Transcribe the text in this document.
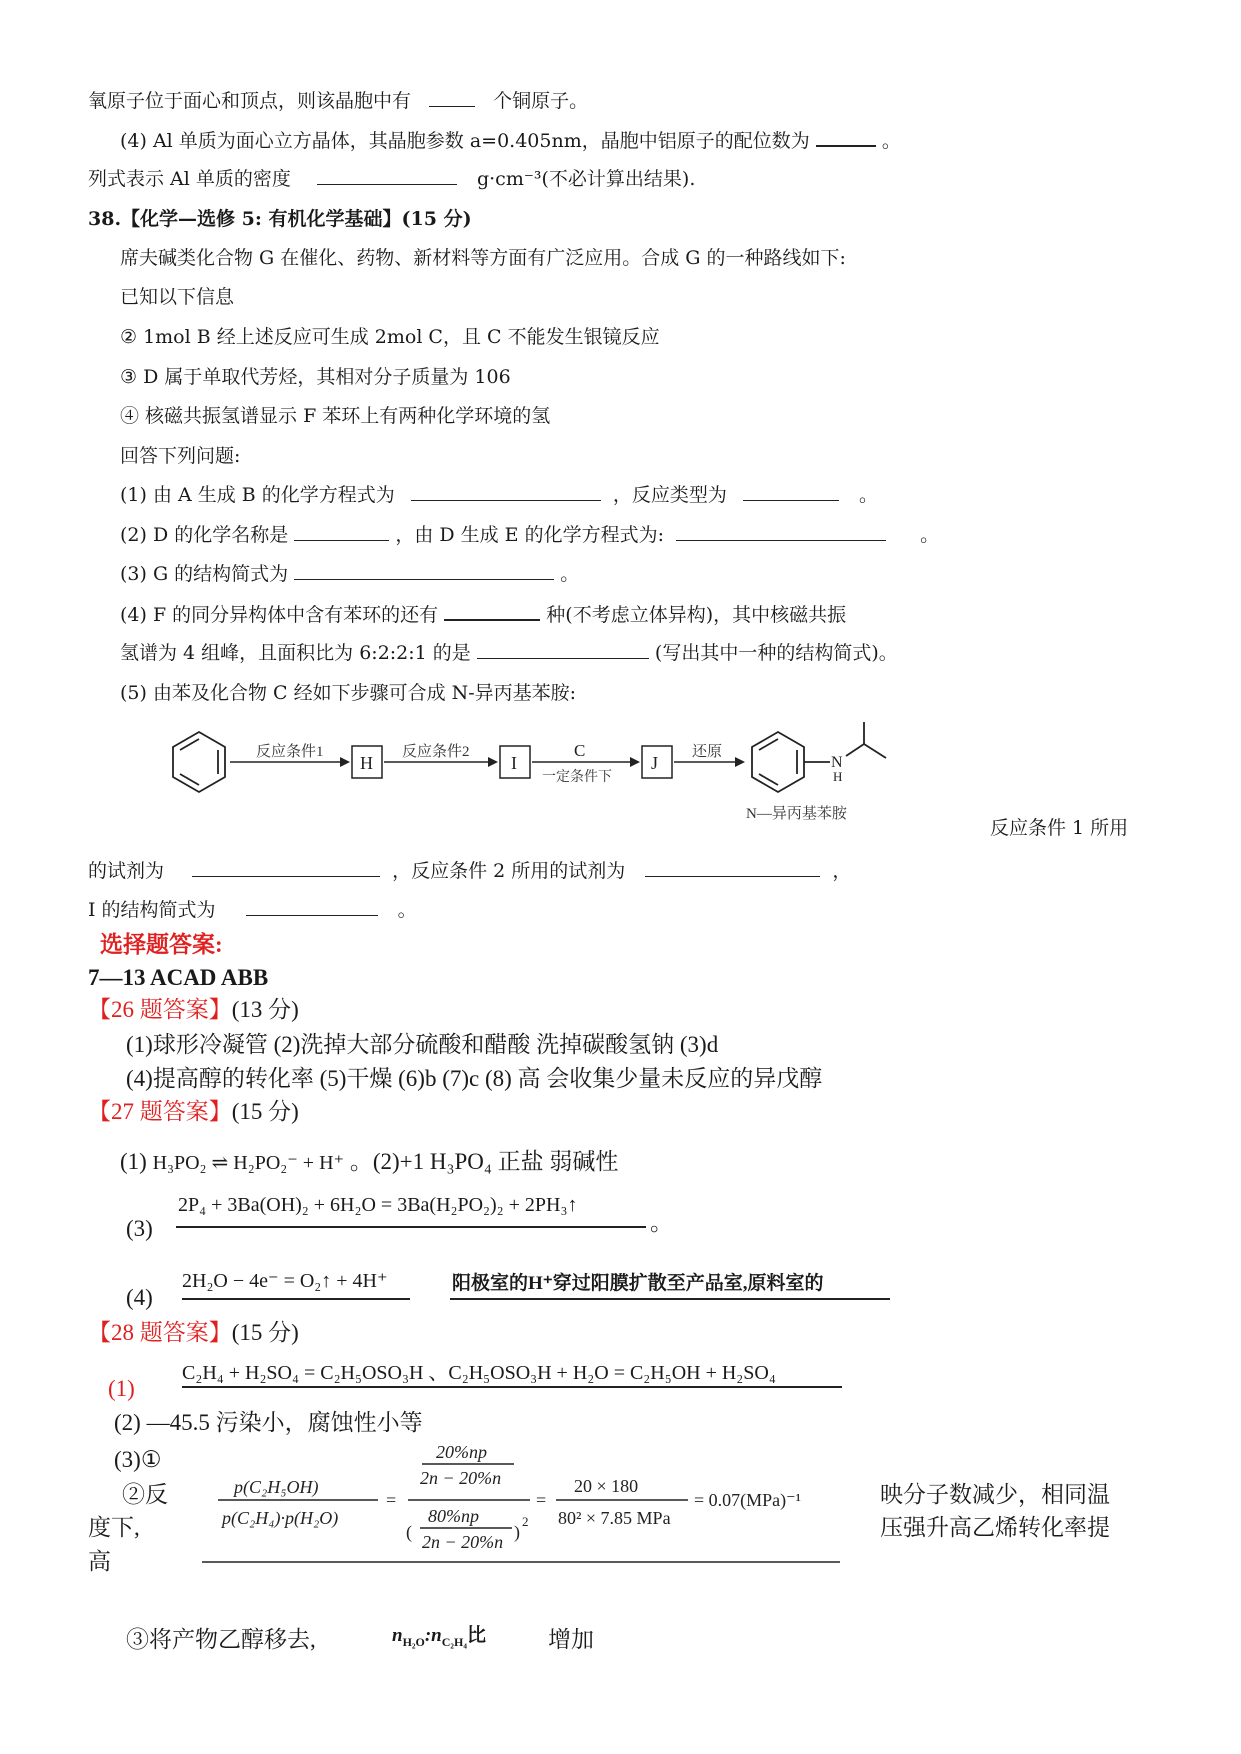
氧原子位于面心和顶点，则该晶胞中有	个铜原子。
(4) Al 单质为面心立方晶体，其晶胞参数 a=0.405nm，晶胞中铝原子的配位数为	。
列式表示 Al 单质的密度	g·cm⁻³(不必计算出结果).
38.【化学—选修 5: 有机化学基础】(15 分)
席夫碱类化合物 G 在催化、药物、新材料等方面有广泛应用。合成 G 的一种路线如下:
已知以下信息
② 1mol B 经上述反应可生成 2mol C，且 C 不能发生银镜反应
③ D 属于单取代芳烃，其相对分子质量为 106
④ 核磁共振氢谱显示 F 苯环上有两种化学环境的氢
回答下列问题:
(1) 由 A 生成 B 的化学方程式为	，反应类型为	。
(2) D 的化学名称是	，由 D 生成 E 的化学方程式为:	。
(3) G 的结构简式为	。
(4) F 的同分异构体中含有苯环的还有	种(不考虑立体异构)，其中核磁共振
氢谱为 4 组峰，且面积比为 6:2:2:1 的是	(写出其中一种的结构简式)。
(5) 由苯及化合物 C 经如下步骤可合成 N-异丙基苯胺:
反应条件1
H
反应条件2
I
C
一定条件下
J
还原
N
H
N—异丙基苯胺
反应条件 1 所用
的试剂为	，反应条件 2 所用的试剂为	，
I 的结构简式为	。
选择题答案:
7—13 ACAD ABB
【26 题答案】(13 分)
(1)球形冷凝管 (2)洗掉大部分硫酸和醋酸 洗掉碳酸氢钠 (3)d
(4)提高醇的转化率 (5)干燥 (6)b (7)c (8) 高 会收集少量未反应的异戊醇
【27 题答案】(15 分)
(1) H₃PO₂ ⇌ H₂PO₂⁻ + H⁺ 。(2)+1 H₃PO₄ 正盐 弱碱性
(3)
2P₄ + 3Ba(OH)₂ + 6H₂O = 3Ba(H₂PO₂)₂ + 2PH₃↑
。
(4)
2H₂O − 4e⁻ = O₂↑ + 4H⁺	阳极室的H⁺穿过阳膜扩散至产品室,原料室的
【28 题答案】(15 分)
(1)
C₂H₄ + H₂SO₄ = C₂H₅OSO₃H 、C₂H₅OSO₃H + H₂O = C₂H₅OH + H₂SO₄
(2) —45.5 污染小，腐蚀性小等
(3)①
②反	映分子数减少，相同温
度下,	压强升高乙烯转化率提
高
p(C₂H₅OH)
p(C₂H₄)·p(H₂O)
=
20%np
2n − 20%n
(
80%np
2n − 20%n )
2
=
20 × 180
80² × 7.85 MPa
= 0.07(MPa)⁻¹
③将产物乙醇移去,	$n_{H_2O}:n_{C_2H_4}$比	增加
